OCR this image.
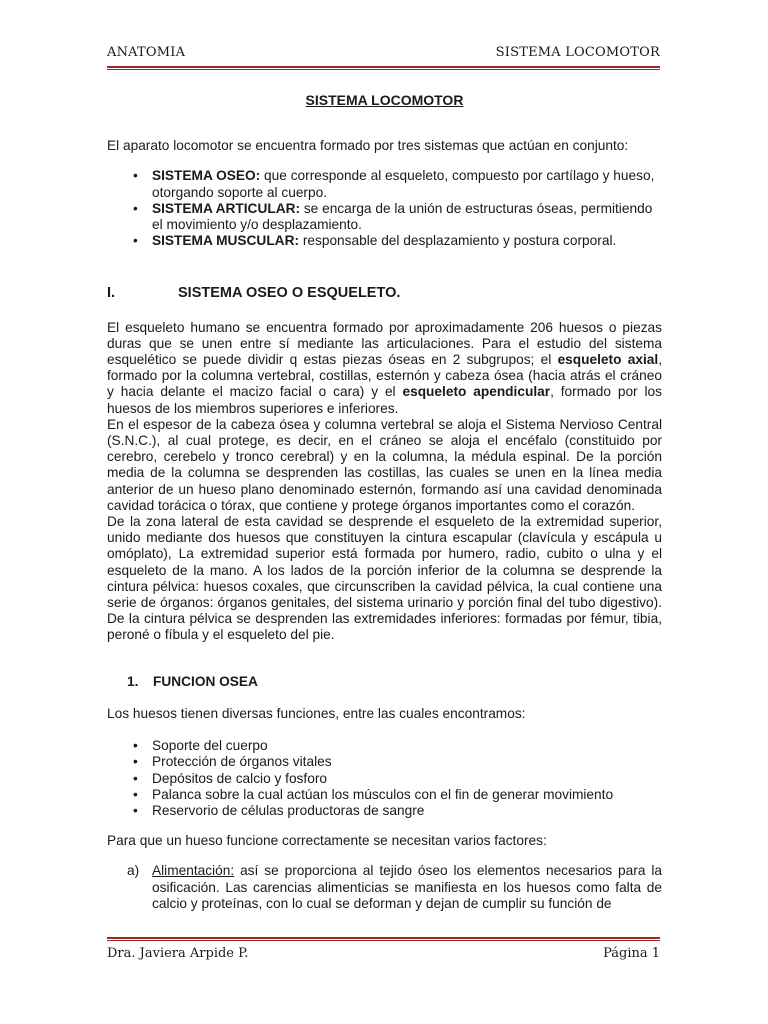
ANATOMIA	SISTEMA LOCOMOTOR

SISTEMA LOCOMOTOR

El aparato locomotor se encuentra formado por tres sistemas que actúan en conjunto:

• SISTEMA OSEO: que corresponde al esqueleto, compuesto por cartílago y hueso, otorgando soporte al cuerpo.
• SISTEMA ARTICULAR: se encarga de la unión de estructuras óseas, permitiendo el movimiento y/o desplazamiento.
• SISTEMA MUSCULAR: responsable del desplazamiento y postura corporal.
I.	SISTEMA OSEO O ESQUELETO.

El esqueleto humano se encuentra formado por aproximadamente 206 huesos o piezas duras que se unen entre sí mediante las articulaciones. Para el estudio del sistema esquelético se puede dividir q estas piezas óseas en 2 subgrupos; el esqueleto axial, formado por la columna vertebral, costillas, esternón y cabeza ósea (hacia atrás el cráneo y hacia delante el macizo facial o cara) y el esqueleto apendicular, formado por los huesos de los miembros superiores e inferiores.

En el espesor de la cabeza ósea y columna vertebral se aloja el Sistema Nervioso Central (S.N.C.), al cual protege, es decir, en el cráneo se aloja el encéfalo (constituido por cerebro, cerebelo y tronco cerebral) y en la columna, la médula espinal. De la porción media de la columna se desprenden las costillas, las cuales se unen en la línea media anterior de un hueso plano denominado esternón, formando así una cavidad denominada cavidad torácica o tórax, que contiene y protege órganos importantes como el corazón.

De la zona lateral de esta cavidad se desprende el esqueleto de la extremidad superior, unido mediante dos huesos que constituyen la cintura escapular (clavícula y escápula u omóplato), La extremidad superior está formada por humero, radio, cubito o ulna y el esqueleto de la mano. A los lados de la porción inferior de la columna se desprende la cintura pélvica: huesos coxales, que circunscriben la cavidad pélvica, la cual contiene una serie de órganos: órganos genitales, del sistema urinario y porción final del tubo digestivo). De la cintura pélvica se desprenden las extremidades inferiores: formadas por fémur, tibia, peroné o fíbula y el esqueleto del pie.

1.	FUNCION OSEA

Los huesos tienen diversas funciones, entre las cuales encontramos:

• Soporte del cuerpo
• Protección de órganos vitales
• Depósitos de calcio y fosforo
• Palanca sobre la cual actúan los músculos con el fin de generar movimiento
• Reservorio de células productoras de sangre

Para que un hueso funcione correctamente se necesitan varios factores:

a) Alimentación: así se proporciona al tejido óseo los elementos necesarios para la osificación. Las carencias alimenticias se manifiesta en los huesos como falta de calcio y proteínas, con lo cual se deforman y dejan de cumplir su función de

Dra. Javiera Arpide P.	Página 1
